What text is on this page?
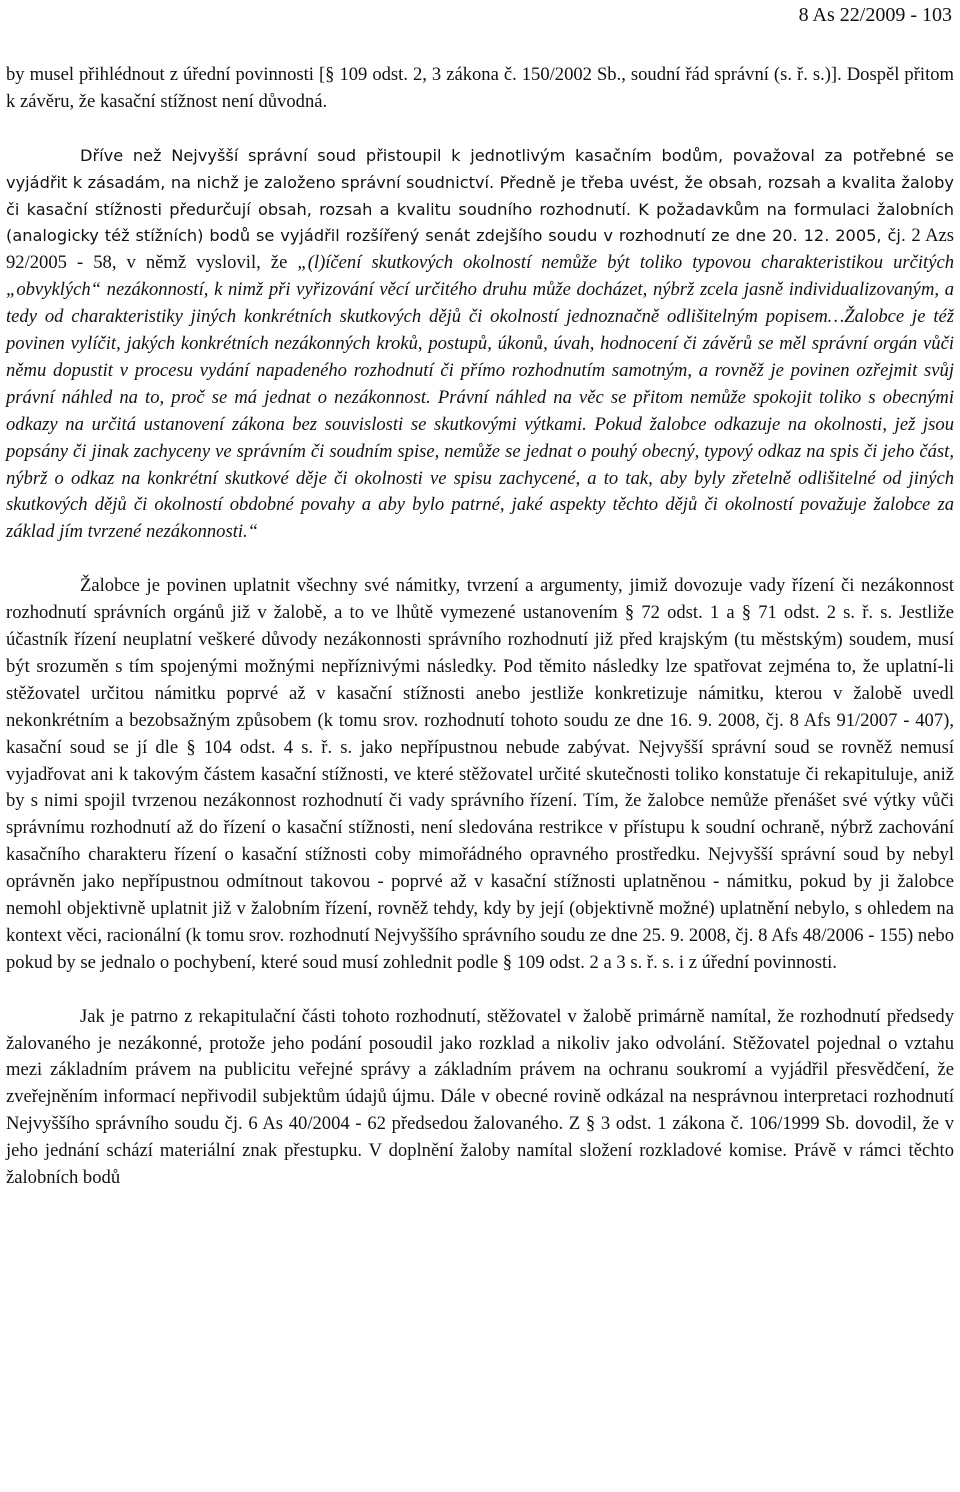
8 As 22/2009 - 103

by musel přihlédnout z úřední povinnosti [§ 109 odst. 2, 3 zákona č. 150/2002 Sb., soudní řád správní (s. ř. s.)]. Dospěl přitom k závěru, že kasační stížnost není důvodná.

Dříve než Nejvyšší správní soud přistoupil k jednotlivým kasačním bodům, považoval za potřebné se vyjádřit k zásadám, na nichž je založeno správní soudnictví. Předně je třeba uvést, že obsah, rozsah a kvalita žaloby či kasační stížnosti předurčují obsah, rozsah a kvalitu soudního rozhodnutí. K požadavkům na formulaci žalobních (analogicky též stížních) bodů se vyjádřil rozšířený senát zdejšího soudu v rozhodnutí ze dne 20. 12. 2005, čj. 2 Azs 92/2005 - 58, v němž vyslovil, že „(l)íčení skutkových okolností nemůže být toliko typovou charakteristikou určitých „obvyklých“ nezákonností, k nimž při vyřizování věcí určitého druhu může docházet, nýbrž zcela jasně individualizovaným, a tedy od charakteristiky jiných konkrétních skutkových dějů či okolností jednoznačně odlišitelným popisem…Žalobce je též povinen vylíčit, jakých konkrétních nezákonných kroků, postupů, úkonů, úvah, hodnocení či závěrů se měl správní orgán vůči němu dopustit v procesu vydání napadeného rozhodnutí či přímo rozhodnutím samotným, a rovněž je povinen ozřejmit svůj právní náhled na to, proč se má jednat o nezákonnost. Právní náhled na věc se přitom nemůže spokojit toliko s obecnými odkazy na určitá ustanovení zákona bez souvislosti se skutkovými výtkami. Pokud žalobce odkazuje na okolnosti, jež jsou popsány či jinak zachyceny ve správním či soudním spise, nemůže se jednat o pouhý obecný, typový odkaz na spis či jeho část, nýbrž o odkaz na konkrétní skutkové děje či okolnosti ve spisu zachycené, a to tak, aby byly zřetelně odlišitelné od jiných skutkových dějů či okolností obdobné povahy a aby bylo patrné, jaké aspekty těchto dějů či okolností považuje žalobce za základ jím tvrzené nezákonnosti.“

Žalobce je povinen uplatnit všechny své námitky, tvrzení a argumenty, jimiž dovozuje vady řízení či nezákonnost rozhodnutí správních orgánů již v žalobě, a to ve lhůtě vymezené ustanovením § 72 odst. 1 a § 71 odst. 2 s. ř. s. Jestliže účastník řízení neuplatní veškeré důvody nezákonnosti správního rozhodnutí již před krajským (tu městským) soudem, musí být srozuměn s tím spojenými možnými nepříznivými následky. Pod těmito následky lze spatřovat zejména to, že uplatní-li stěžovatel určitou námitku poprvé až v kasační stížnosti anebo jestliže konkretizuje námitku, kterou v žalobě uvedl nekonkrétním a bezobsažným způsobem (k tomu srov. rozhodnutí tohoto soudu ze dne 16. 9. 2008, čj. 8 Afs 91/2007 - 407), kasační soud se jí dle § 104 odst. 4 s. ř. s. jako nepřípustnou nebude zabývat. Nejvyšší správní soud se rovněž nemusí vyjadřovat ani k takovým částem kasační stížnosti, ve které stěžovatel určité skutečnosti toliko konstatuje či rekapituluje, aniž by s nimi spojil tvrzenou nezákonnost rozhodnutí či vady správního řízení. Tím, že žalobce nemůže přenášet své výtky vůči správnímu rozhodnutí až do řízení o kasační stížnosti, není sledována restrikce v přístupu k soudní ochraně, nýbrž zachování kasačního charakteru řízení o kasační stížnosti coby mimořádného opravného prostředku. Nejvyšší správní soud by nebyl oprávněn jako nepřípustnou odmítnout takovou - poprvé až v kasační stížnosti uplatněnou - námitku, pokud by ji žalobce nemohl objektivně uplatnit již v žalobním řízení, rovněž tehdy, kdy by její (objektivně možné) uplatnění nebylo, s ohledem na kontext věci, racionální (k tomu srov. rozhodnutí Nejvyššího správního soudu ze dne 25. 9. 2008, čj. 8 Afs 48/2006 - 155) nebo pokud by se jednalo o pochybení, které soud musí zohlednit podle § 109 odst. 2 a 3 s. ř. s. i z úřední povinnosti.

Jak je patrno z rekapitulační části tohoto rozhodnutí, stěžovatel v žalobě primárně namítal, že rozhodnutí předsedy žalovaného je nezákonné, protože jeho podání posoudil jako rozklad a nikoliv jako odvolání. Stěžovatel pojednal o vztahu mezi základním právem na publicitu veřejné správy a základním právem na ochranu soukromí a vyjádřil přesvědčení, že zveřejněním informací nepřivodil subjektům údajů újmu. Dále v obecné rovině odkázal na nesprávnou interpretaci rozhodnutí Nejvyššího správního soudu čj. 6 As 40/2004 - 62 předsedou žalovaného. Z § 3 odst. 1 zákona č. 106/1999 Sb. dovodil, že v jeho jednání schází materiální znak přestupku. V doplnění žaloby namítal složení rozkladové komise. Právě v rámci těchto žalobních bodů
